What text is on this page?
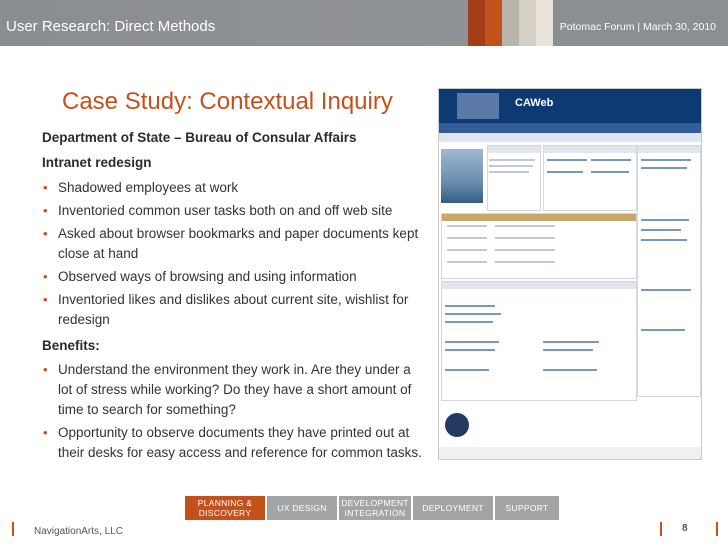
User Research: Direct Methods	Potomac Forum | March 30, 2010
Case Study: Contextual Inquiry
Department of State – Bureau of Consular Affairs
Intranet redesign
• Shadowed employees at work
• Inventoried common user tasks both on and off web site
• Asked about browser bookmarks and paper documents kept close at hand
• Observed ways of browsing and using information
• Inventoried likes and dislikes about current site, wishlist for redesign
Benefits:
• Understand the environment they work in. Are they under a lot of stress while working? Do they have a short amount of time to search for something?
• Opportunity to observe documents they have printed out at their desks for easy access and reference for common tasks.
CAWeb
PLANNING &
DISCOVERY	UX DESIGN DEVELOPMENT
INTEGRATION	DEPLOYMENT	SUPPORT
NavigationArts, LLC	8
